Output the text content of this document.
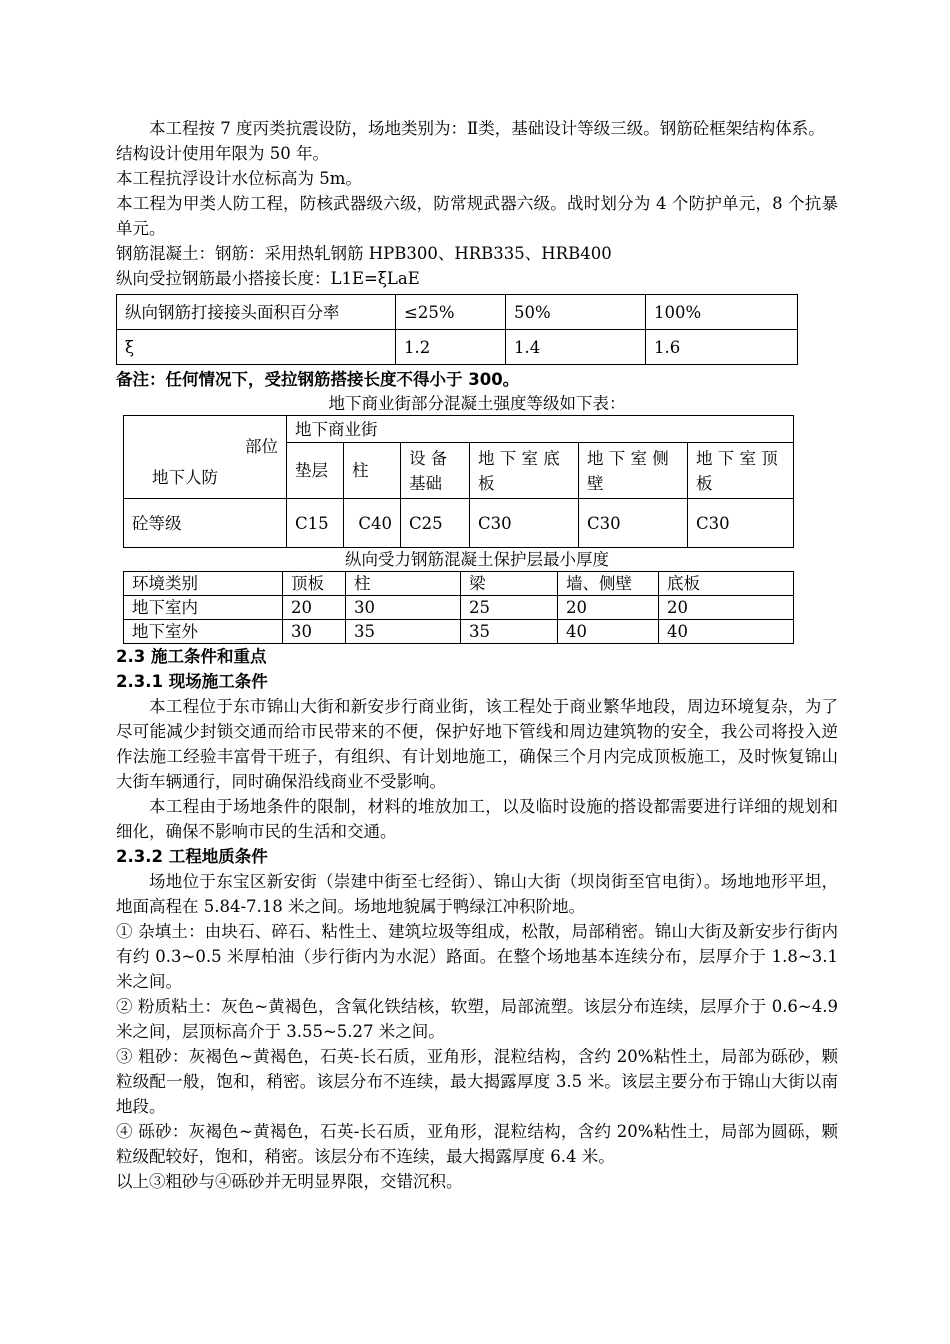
本工程按 7 度丙类抗震设防，场地类别为：Ⅱ类，基础设计等级三级。钢筋砼框架结构体系。

结构设计使用年限为 50 年。

本工程抗浮设计水位标高为 5m。

本工程为甲类人防工程，防核武器级六级，防常规武器六级。战时划分为 4 个防护单元，8 个抗暴单元。

钢筋混凝土：钢筋：采用热轧钢筋 HPB300、HRB335、HRB400

纵向受拉钢筋最小搭接长度：L1E=ξLaE

纵向钢筋打接接头面积百分率	≤25%	50%	100%
ξ	1.2	1.4	1.6

备注：任何情况下，受拉钢筋搭接长度不得小于 300。

地下商业街部分混凝土强度等级如下表：

部位
地下人防	地下商业街					
	垫层	柱	设 备基础	地 下 室 底板	地 下 室 侧壁	地 下 室 顶板
砼等级	C15	C40	C25	C30	C30	C30

纵向受力钢筋混凝土保护层最小厚度

环境类别	顶板	柱	梁	墙、侧壁	底板
地下室内	20	30	25	20	20
地下室外	30	35	35	40	40

2.3 施工条件和重点

2.3.1 现场施工条件

本工程位于东市锦山大街和新安步行商业街，该工程处于商业繁华地段，周边环境复杂，为了尽可能减少封锁交通而给市民带来的不便，保护好地下管线和周边建筑物的安全，我公司将投入逆作法施工经验丰富骨干班子，有组织、有计划地施工，确保三个月内完成顶板施工，及时恢复锦山大街车辆通行，同时确保沿线商业不受影响。

本工程由于场地条件的限制，材料的堆放加工，以及临时设施的搭设都需要进行详细的规划和细化，确保不影响市民的生活和交通。

2.3.2 工程地质条件

场地位于东宝区新安街（崇建中街至七经街）、锦山大街（坝岗街至官电街）。场地地形平坦，地面高程在 5.84-7.18 米之间。场地地貌属于鸭绿江冲积阶地。

① 杂填土：由块石、碎石、粘性土、建筑垃圾等组成，松散，局部稍密。锦山大街及新安步行街内有约 0.3~0.5 米厚柏油（步行街内为水泥）路面。在整个场地基本连续分布，层厚介于 1.8~3.1 米之间。

② 粉质粘土：灰色~黄褐色，含氧化铁结核，软塑，局部流塑。该层分布连续，层厚介于 0.6~4.9 米之间，层顶标高介于 3.55~5.27 米之间。

③ 粗砂：灰褐色~黄褐色，石英-长石质，亚角形，混粒结构，含约 20%粘性土，局部为砾砂，颗粒级配一般，饱和，稍密。该层分布不连续，最大揭露厚度 3.5 米。该层主要分布于锦山大街以南地段。

④ 砾砂：灰褐色~黄褐色，石英-长石质，亚角形，混粒结构，含约 20%粘性土，局部为圆砾，颗粒级配较好，饱和，稍密。该层分布不连续，最大揭露厚度 6.4 米。

以上③粗砂与④砾砂并无明显界限，交错沉积。
